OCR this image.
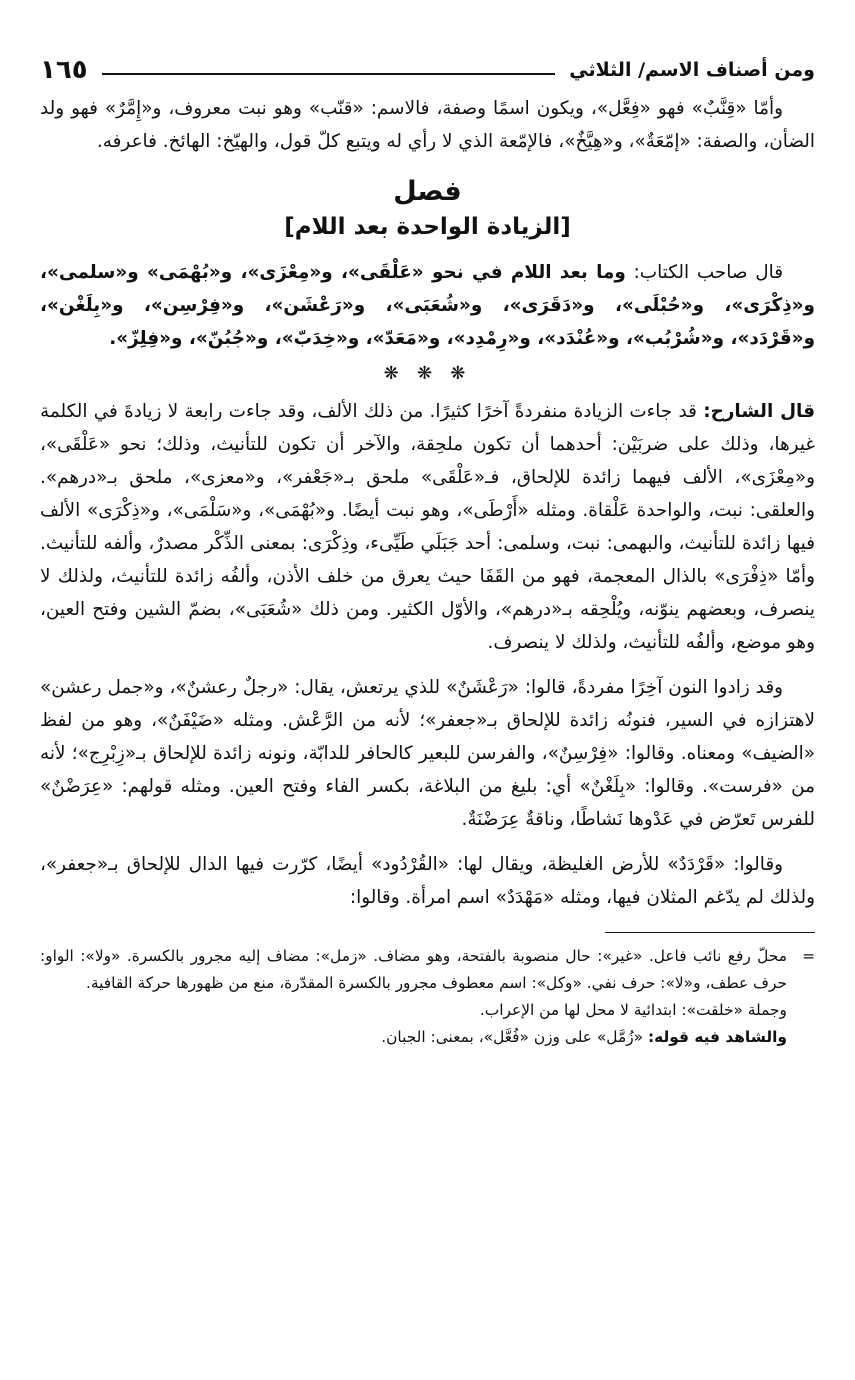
ومن أصناف الاسم/ الثلاثي
١٦٥

وأمّا «قِنَّبٌ» فهو «فِعَّل»، ويكون اسمًا وصفة، فالاسم: «قنّب» وهو نبت معروف، و«إِمَّرٌ» فهو ولد الضأن، والصفة: «إمّعَةٌ»، و«هِيَّخٌ»، فالإمّعة الذي لا رأي له ويتبع كلّ قول، والهيّخ: الهائخ. فاعرفه.

فصل
[الزيادة الواحدة بعد اللام]

قال صاحب الكتاب: وما بعد اللام في نحو «عَلْقَى»، و«مِعْزَى»، و«بُهْمَى» و«سلمى»، و«ذِكْرَى»، و«حُبْلَى»، و«دَقَرَى»، و«شُعَبَى»، و«رَعْشَن»، و«فِرْسِن»، و«بِلَغْن»، و«قَرْدَد»، و«شُرْبُب»، و«عُنْدَد»، و«رِمْدِد»، و«مَعَدّ»، و«خِدَبّ»، و«جُبُنّ»، و«فِلِزّ».

❋ ❋ ❋

قال الشارح: قد جاءت الزيادة منفردةً آخرًا كثيرًا. من ذلك الألف، وقد جاءت رابعة لا زيادةَ في الكلمة غيرها، وذلك على ضربَيْن: أحدهما أن تكون ملحِقة، والآخر أن تكون للتأنيث، وذلك؛ نحو «عَلْقَى»، و«مِعْزَى»، الألف فيهما زائدة للإلحاق، فـ«عَلْقَى» ملحق بـ«جَعْفر»، و«معزى»، ملحق بـ«درهم». والعلقى: نبت، والواحدة عَلْقاة. ومثله «أَرْطَى»، وهو نبت أيضًا. و«بُهْمَى»، و«سَلْمَى»، و«ذِكْرَى» الألف فيها زائدة للتأنيث، والبهمى: نبت، وسلمى: أحد جَبَلَي طَيِّىء، وذِكْرَى: بمعنى الذِّكْر مصدرٌ، وألفه للتأنيث. وأمّا «ذِفْرَى» بالذال المعجمة، فهو من القَفَا حيث يعرق من خلف الأذن، وألفُه زائدة للتأنيث، ولذلك لا ينصرف، وبعضهم ينوّنه، ويُلْحِقه بـ«درهم»، والأوّل الكثير. ومن ذلك «شُعَبَى»، بضمّ الشين وفتح العين، وهو موضع، وألفُه للتأنيث، ولذلك لا ينصرف.

وقد زادوا النون آخِرًا مفردةً، قالوا: «رَعْشَنٌ» للذي يرتعش، يقال: «رجلٌ رعشنٌ»، و«جمل رعشن» لاهتزازه في السير، فنونُه زائدة للإلحاق بـ«جعفر»؛ لأنه من الرَّعْش. ومثله «ضَيْفَنٌ»، وهو من لفظ «الضيف» ومعناه. وقالوا: «فِرْسِنٌ»، والفرسن للبعير كالحافر للدابّة، ونونه زائدة للإلحاق بـ«زِبْرِج»؛ لأنه من «فرست». وقالوا: «بِلَغْنٌ» أي: بليغ من البلاغة، بكسر الفاء وفتح العين. ومثله قولهم: «عِرَضْنٌ» للفرس تَعرّض في عَدْوها نَشاطًا، وناقةٌ عِرَضْنَةٌ.

وقالوا: «قَرْدَدٌ» للأرض الغليظة، ويقال لها: «القُرْدُود» أيضًا، كرّرت فيها الدال للإلحاق بـ«جعفر»، ولذلك لم يدّغم المثلان فيها، ومثله «مَهْدَدٌ» اسم امرأة. وقالوا:

=
محلّ رفع نائب فاعل. «غير»: حال منصوبة بالفتحة، وهو مضاف. «زمل»: مضاف إليه مجرور بالكسرة. «ولا»: الواو: حرف عطف، و«لا»: حرف نفي. «وكل»: اسم معطوف مجرور بالكسرة المقدّرة، منع من ظهورها حركة القافية.

وجملة «خلقت»: ابتدائية لا محل لها من الإعراب.

والشاهد فيه قوله: «زُمَّل» على وزن «فُعَّل»، بمعنى: الجبان.
